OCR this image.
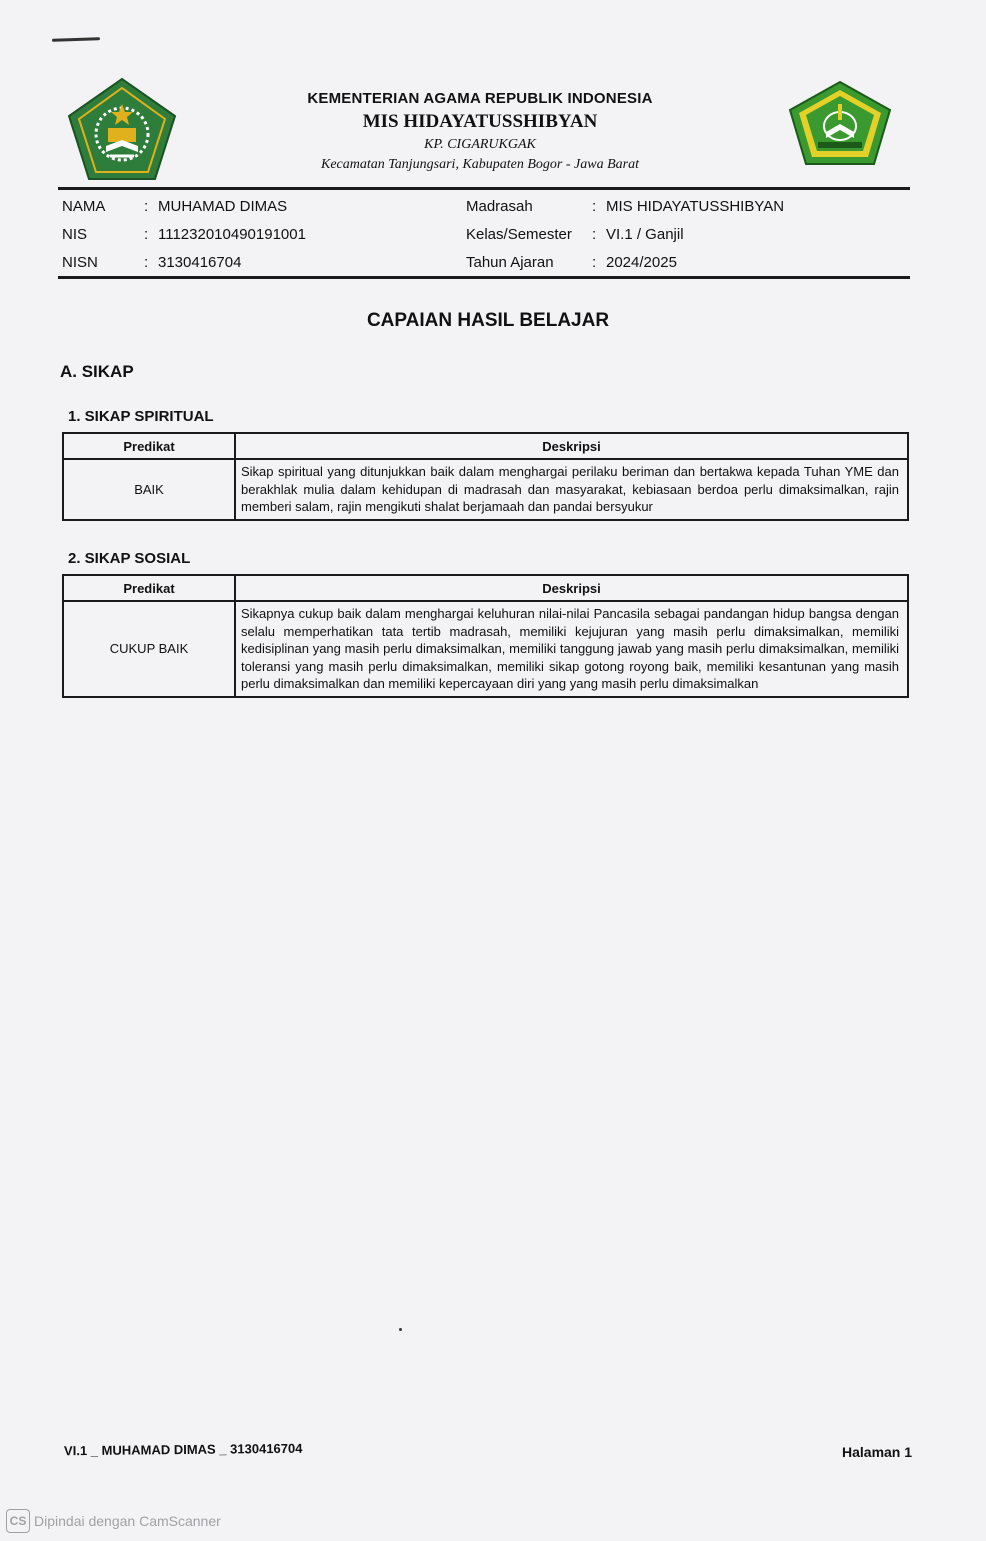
KEMENTERIAN AGAMA REPUBLIK INDONESIA
MIS HIDAYATUSSHIBYAN
KP. CIGARUKGAK
Kecamatan Tanjungsari, Kabupaten Bogor - Jawa Barat
NAMA	: MUHAMAD DIMAS	Madrasah	: MIS HIDAYATUSSHIBYAN
NIS	: 111232010490191001	Kelas/Semester : VI.1 / Ganjil
NISN	: 3130416704	Tahun Ajaran	: 2024/2025
CAPAIAN HASIL BELAJAR
A. SIKAP
1. SIKAP SPIRITUAL
Predikat	Deskripsi
BAIK	Sikap spiritual yang ditunjukkan baik dalam menghargai perilaku beriman dan bertakwa kepada Tuhan YME dan berakhlak mulia dalam kehidupan di madrasah dan masyarakat, kebiasaan berdoa perlu dimaksimalkan, rajin memberi salam, rajin mengikuti shalat berjamaah dan pandai bersyukur
2. SIKAP SOSIAL
Predikat	Deskripsi
CUKUP BAIK	Sikapnya cukup baik dalam menghargai keluhuran nilai-nilai Pancasila sebagai pandangan hidup bangsa dengan selalu memperhatikan tata tertib madrasah, memiliki kejujuran yang masih perlu dimaksimalkan, memiliki kedisiplinan yang masih perlu dimaksimalkan, memiliki tanggung jawab yang masih perlu dimaksimalkan, memiliki toleransi yang masih perlu dimaksimalkan, memiliki sikap gotong royong baik, memiliki kesantunan yang masih perlu dimaksimalkan dan memiliki kepercayaan diri yang yang masih perlu dimaksimalkan
VI.1 _ MUHAMAD DIMAS _ 3130416704	Halaman 1
CS Dipindai dengan CamScanner
